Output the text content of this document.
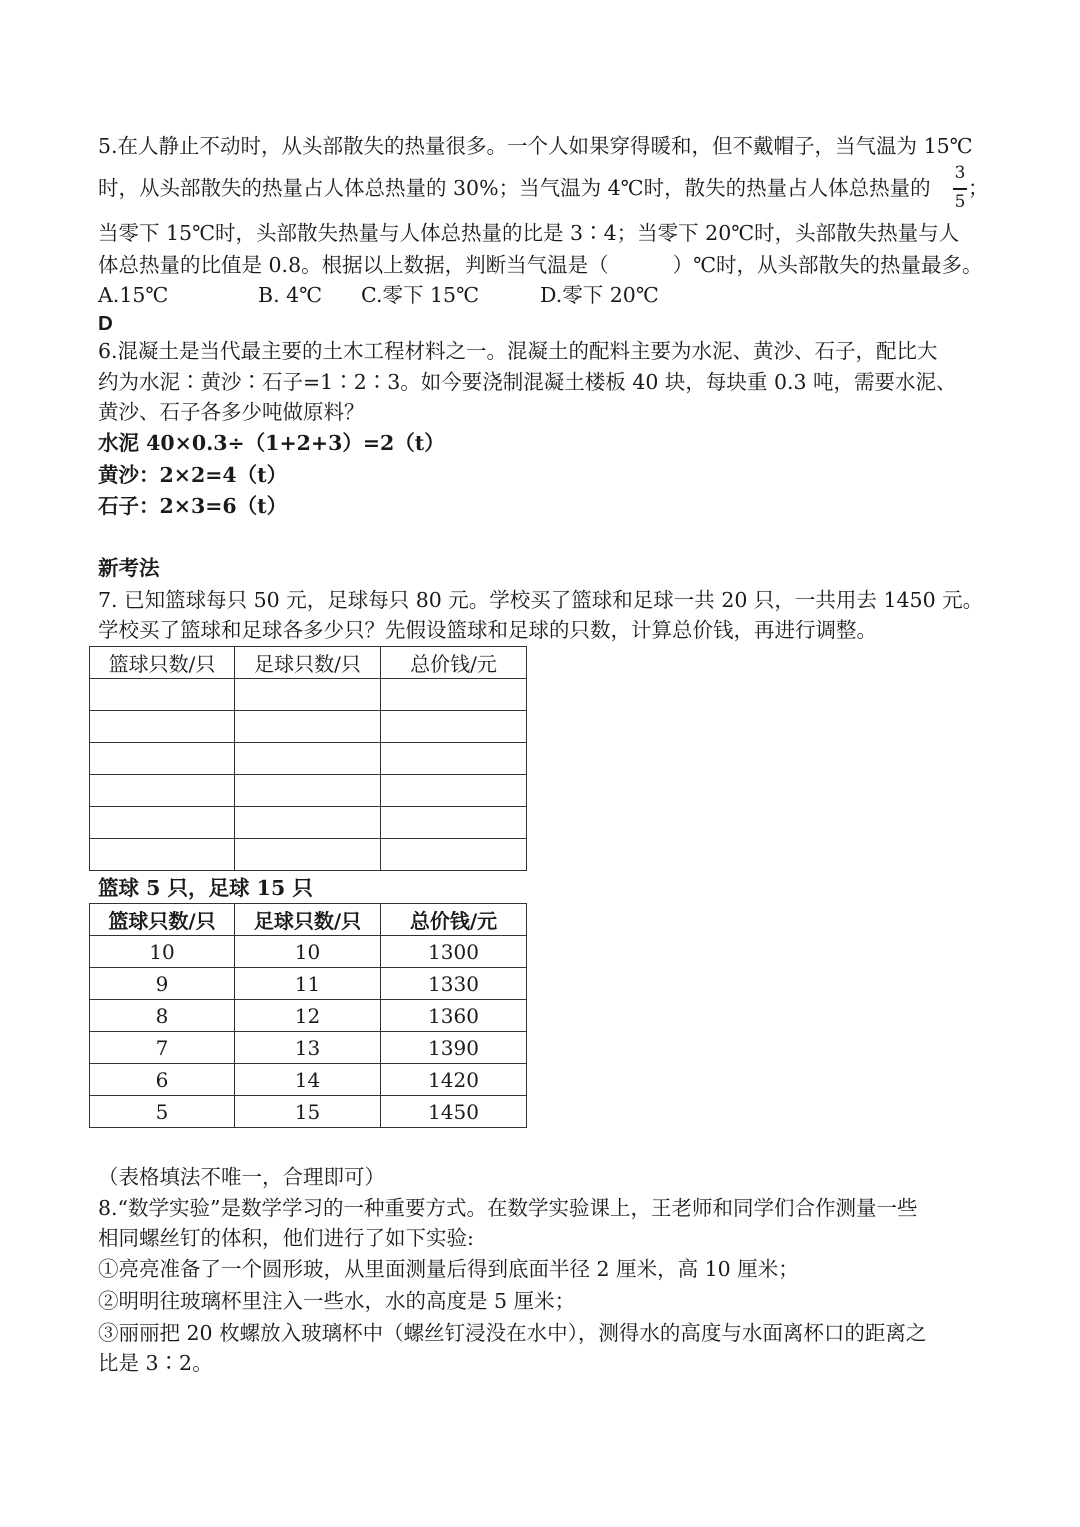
5.在人静止不动时，从头部散失的热量很多。一个人如果穿得暖和，但不戴帽子，当气温为 15℃
时，从头部散失的热量占人体总热量的 30%；当气温为 4℃时，散失的热量占人体总热量的
3
5
；
当零下 15℃时，头部散失热量与人体总热量的比是 3∶4；当零下 20℃时，头部散失热量与人
体总热量的比值是 0.8。根据以上数据，判断当气温是（	）℃时，从头部散失的热量最多。
A.15℃	B. 4℃ C.零下 15℃	D.零下 20℃
D
6.混凝土是当代最主要的土木工程材料之一。混凝土的配料主要为水泥、黄沙、石子，配比大
约为水泥∶黄沙∶石子=1∶2∶3。如今要浇制混凝土楼板 40 块，每块重 0.3 吨，需要水泥、
黄沙、石子各多少吨做原料？
水泥 40×0.3÷（1+2+3）=2（t）
黄沙：2×2=4（t）
石子：2×3=6（t）
新考法
7. 已知篮球每只 50 元，足球每只 80 元。学校买了篮球和足球一共 20 只，一共用去 1450 元。
学校买了篮球和足球各多少只？先假设篮球和足球的只数，计算总价钱，再进行调整。
篮球只数/只	足球只数/只	总价钱/元

篮球 5 只，足球 15 只
篮球只数/只	足球只数/只	总价钱/元
10	10	1300
9	11	1330
8	12	1360
7	13	1390
6	14	1420
5	15	1450
（表格填法不唯一，合理即可）
8.“数学实验”是数学学习的一种重要方式。在数学实验课上，王老师和同学们合作测量一些
相同螺丝钉的体积，他们进行了如下实验:
①亮亮准备了一个圆形玻，从里面测量后得到底面半径 2 厘米，高 10 厘米；
②明明往玻璃杯里注入一些水，水的高度是 5 厘米；
③丽丽把 20 枚螺放入玻璃杯中（螺丝钉浸没在水中），测得水的高度与水面离杯口的距离之
比是 3∶2。
